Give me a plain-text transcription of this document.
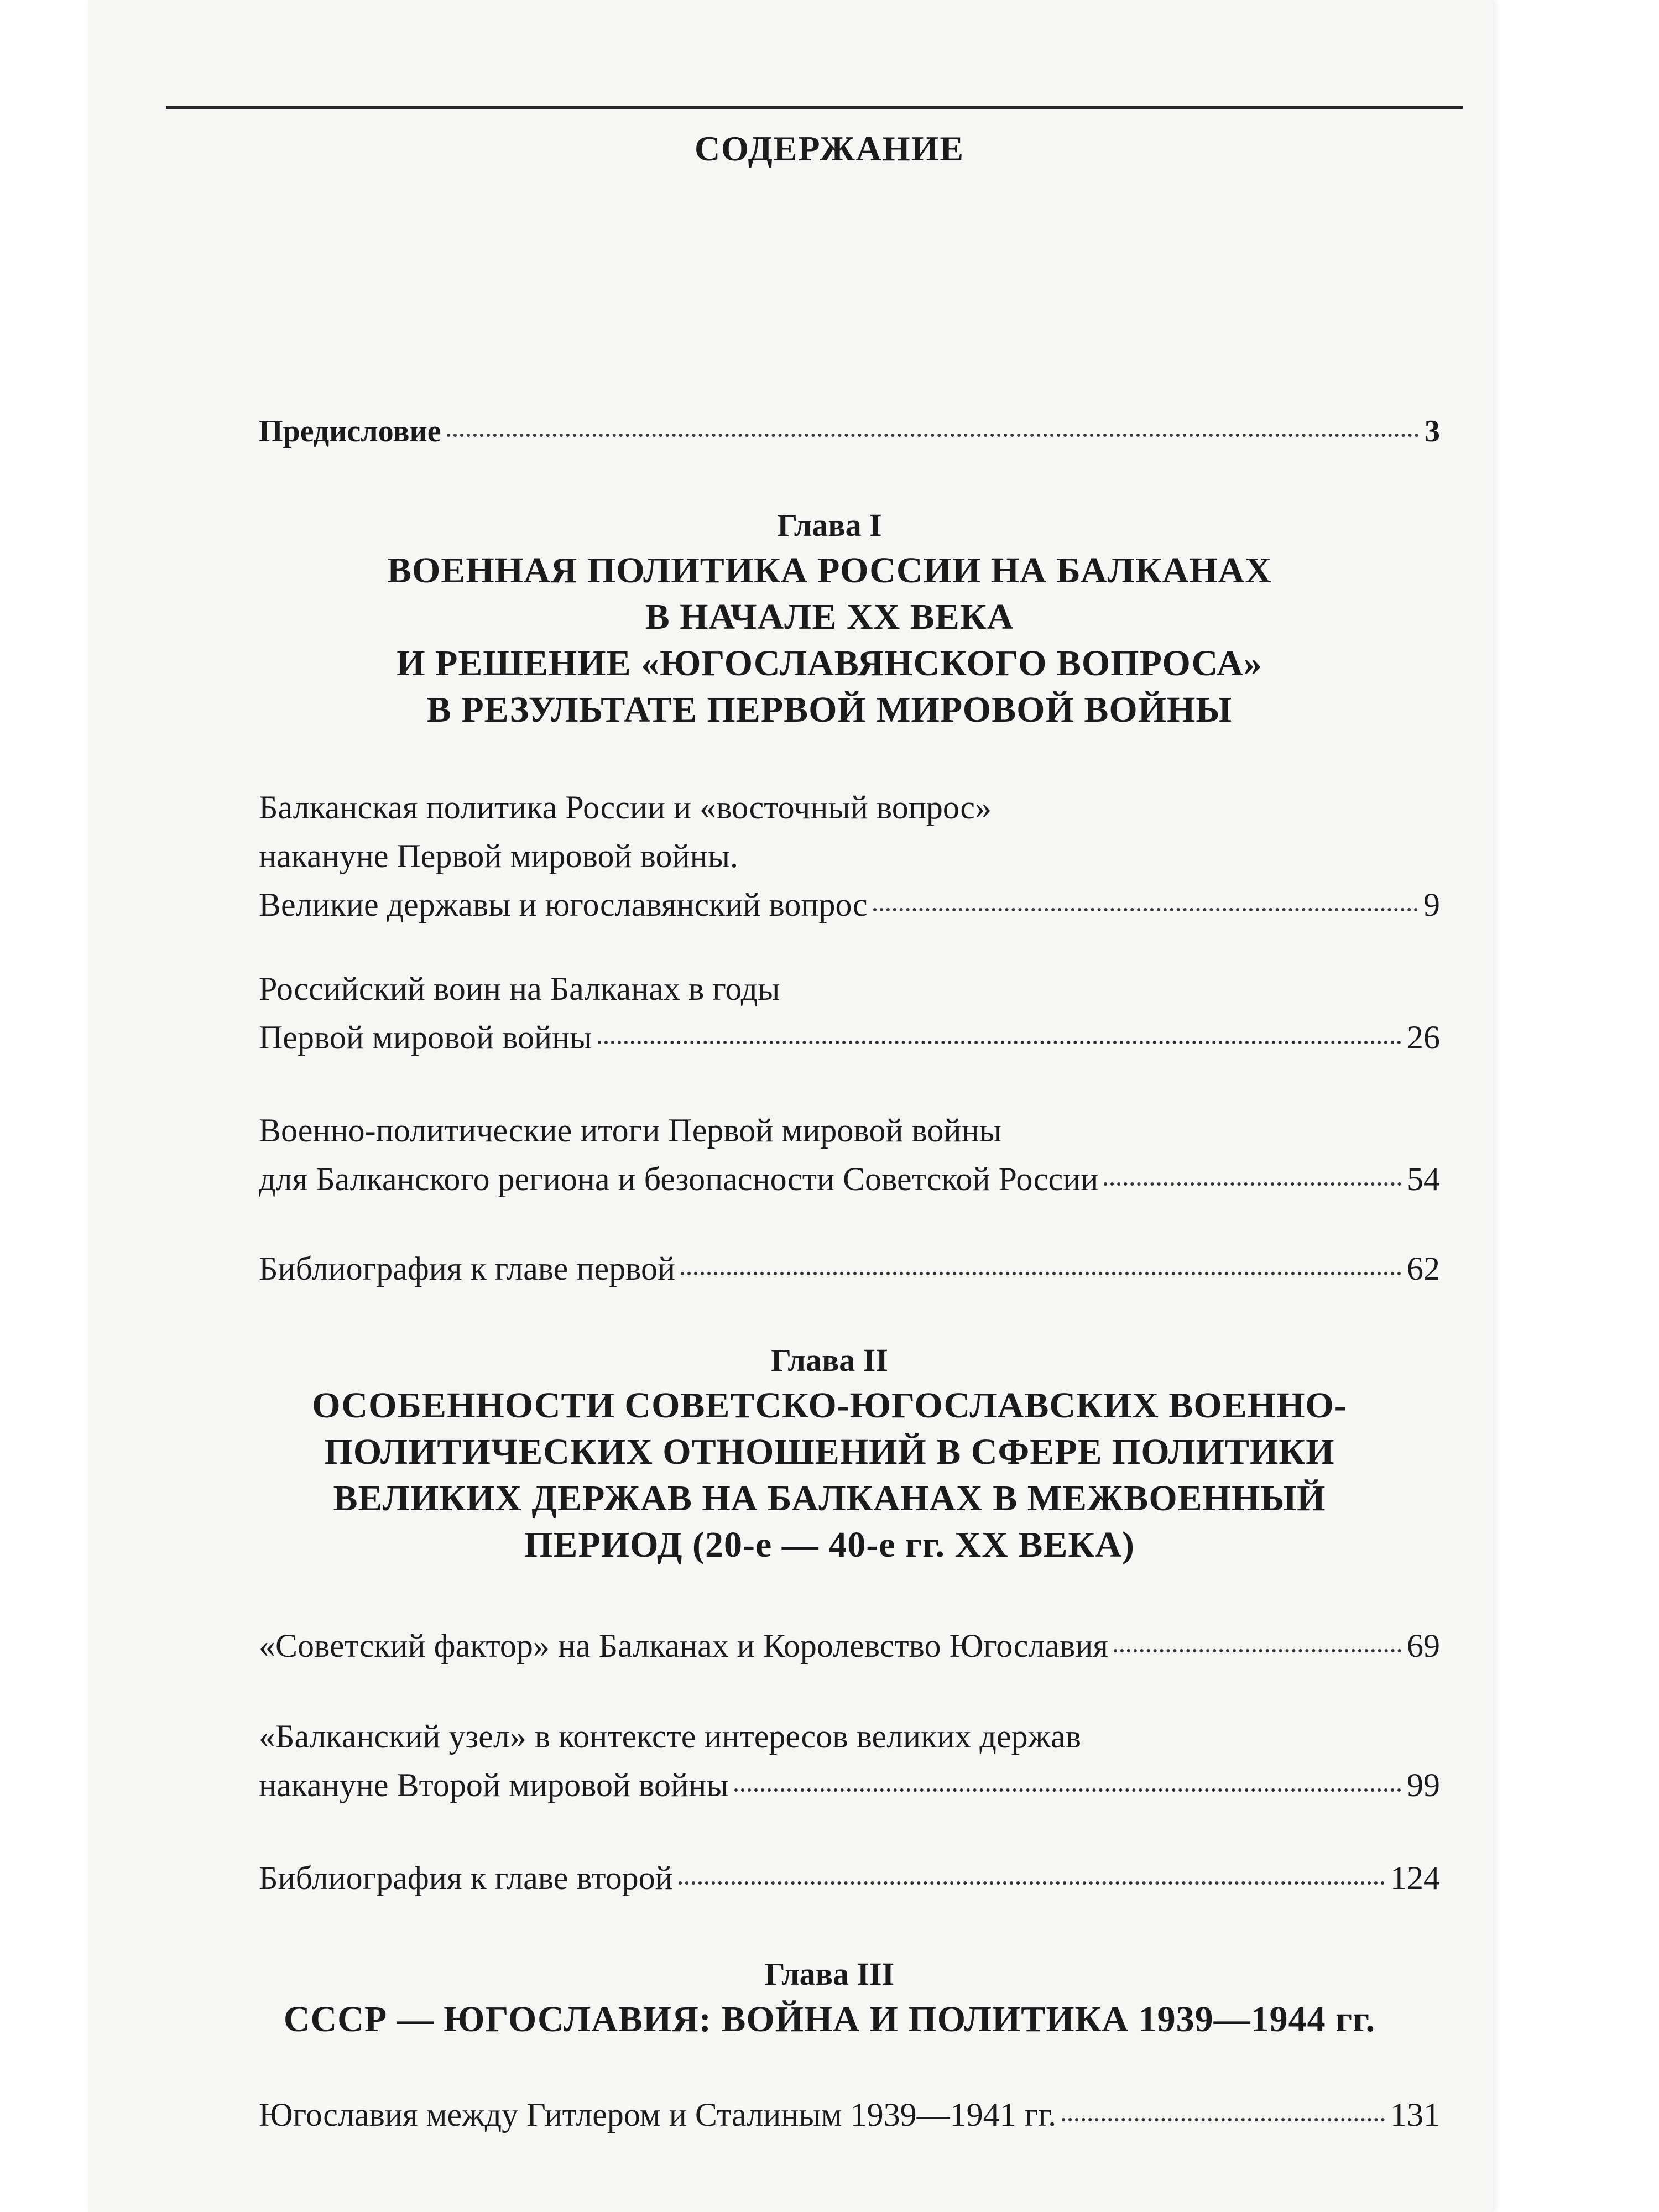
СОДЕРЖАНИЕ
Предисловие	3
Глава I
ВОЕННАЯ ПОЛИТИКА РОССИИ НА БАЛКАНАХ
В НАЧАЛЕ XX ВЕКА
И РЕШЕНИЕ «ЮГОСЛАВЯНСКОГО ВОПРОСА»
В РЕЗУЛЬТАТЕ ПЕРВОЙ МИРОВОЙ ВОЙНЫ
Балканская политика России и «восточный вопрос»
накануне Первой мировой войны.
Великие державы и югославянский вопрос	9
Российский воин на Балканах в годы
Первой мировой войны	26
Военно-политические итоги Первой мировой войны
для Балканского региона и безопасности Советской России	54
Библиография к главе первой	62
Глава II
ОСОБЕННОСТИ СОВЕТСКО-ЮГОСЛАВСКИХ ВОЕННО-
ПОЛИТИЧЕСКИХ ОТНОШЕНИЙ В СФЕРЕ ПОЛИТИКИ
ВЕЛИКИХ ДЕРЖАВ НА БАЛКАНАХ В МЕЖВОЕННЫЙ
ПЕРИОД (20-е — 40-е гг. XX ВЕКА)
«Советский фактор» на Балканах и Королевство Югославия	69
«Балканский узел» в контексте интересов великих держав
накануне Второй мировой войны	99
Библиография к главе второй	124
Глава III
СССР — ЮГОСЛАВИЯ: ВОЙНА И ПОЛИТИКА 1939—1944 гг.
Югославия между Гитлером и Сталиным 1939—1941 гг.	131
